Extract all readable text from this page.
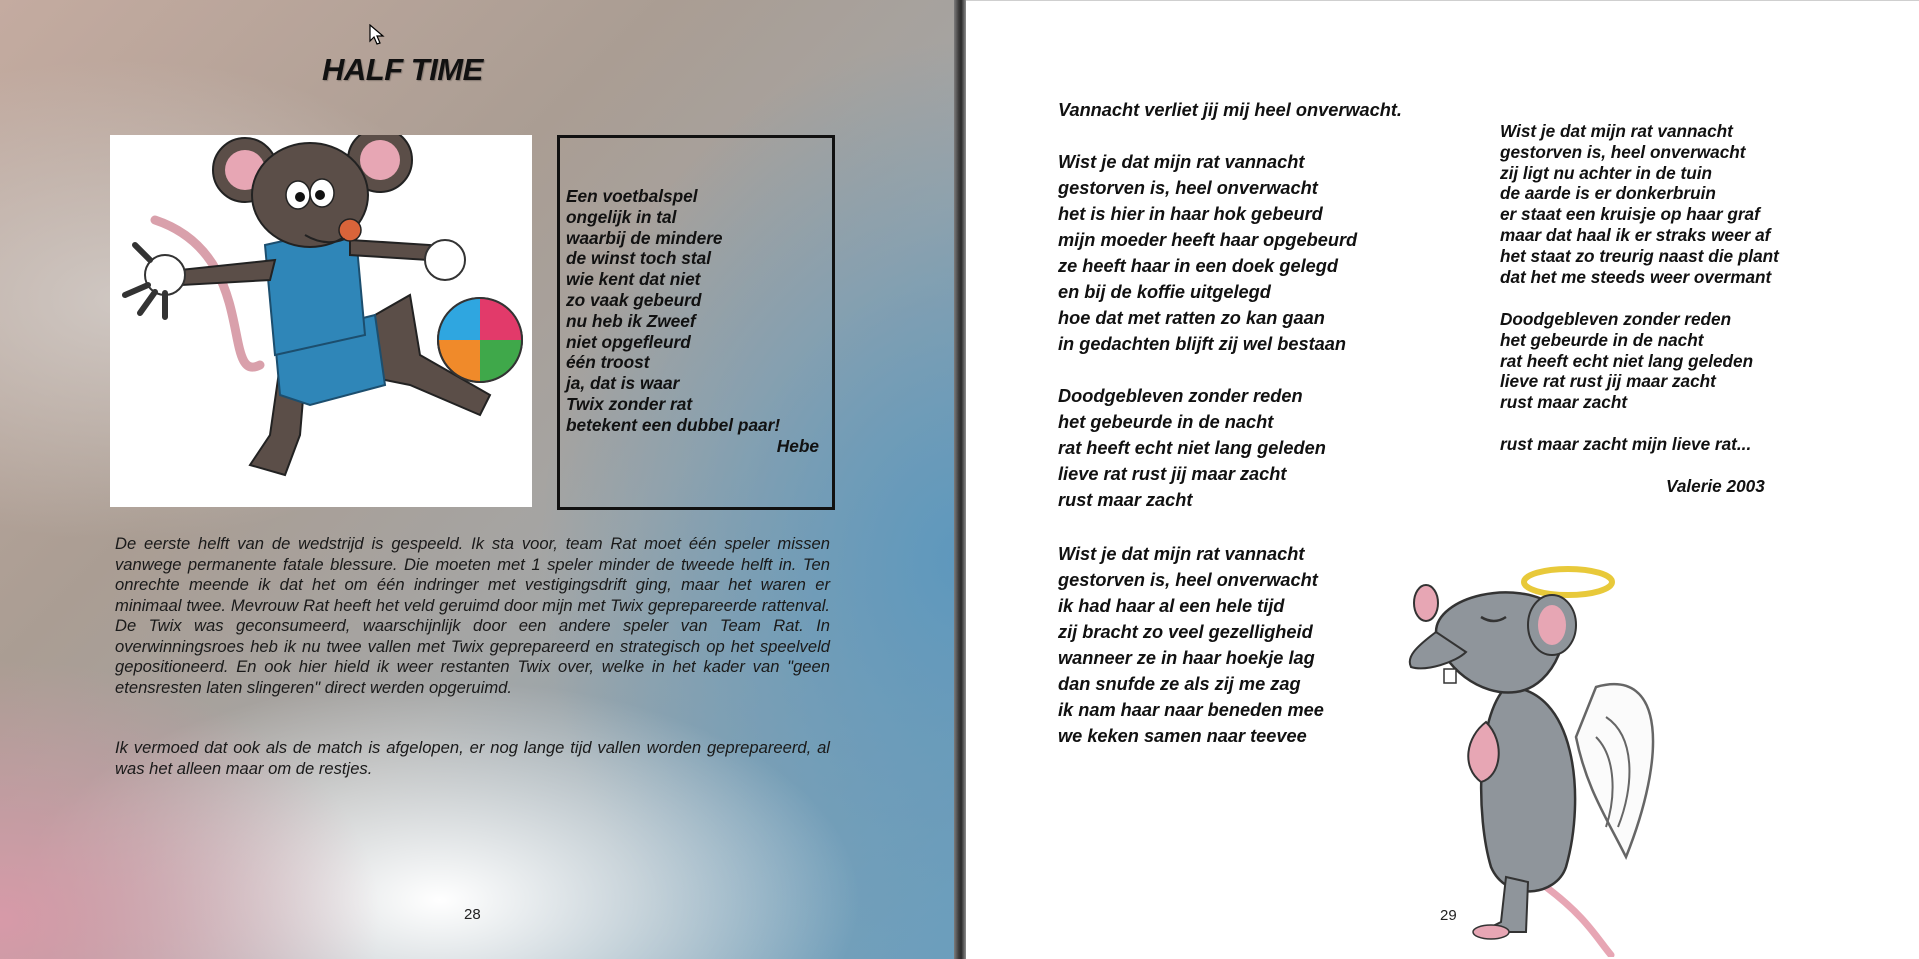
HALF TIME
Een voetbalspel
ongelijk in tal
waarbij de mindere
de winst toch stal
wie kent dat niet
zo vaak gebeurd
nu heb ik Zweef
niet opgefleurd
één troost
ja, dat is waar
Twix zonder rat
betekent een dubbel paar!
Hebe

De eerste helft van de wedstrijd is gespeeld. Ik sta voor, team Rat moet één speler missen vanwege permanente fatale blessure. Die moeten met 1 speler minder de tweede helft in. Ten onrechte meende ik dat het om één indringer met vestigingsdrift ging, maar het waren er minimaal twee. Mevrouw Rat heeft het veld geruimd door mijn met Twix geprepareerde rattenval. De Twix was geconsumeerd, waarschijnlijk door een andere speler van Team Rat. In overwinningsroes heb ik nu twee vallen met Twix geprepareerd en strategisch op het speelveld gepositioneerd. En ook hier hield ik weer restanten Twix over, welke in het kader van "geen etensresten laten slingeren" direct werden opgeruimd.

Ik vermoed dat ook als de match is afgelopen, er nog lange tijd vallen worden geprepareerd, al was het alleen maar om de restjes.

28
Vannacht verliet jij mij heel onverwacht.
Wist je dat mijn rat vannacht
gestorven is, heel onverwacht
het is hier in haar hok gebeurd
mijn moeder heeft haar opgebeurd
ze heeft haar in een doek gelegd
en bij de koffie uitgelegd
hoe dat met ratten zo kan gaan
in gedachten blijft zij wel bestaan
Doodgebleven zonder reden
het gebeurde in de nacht
rat heeft echt niet lang geleden
lieve rat rust jij maar zacht
rust maar zacht
Wist je dat mijn rat vannacht
gestorven is, heel onverwacht
ik had haar al een hele tijd
zij bracht zo veel gezelligheid
wanneer ze in haar hoekje lag
dan snufde ze als zij me zag
ik nam haar naar beneden mee
we keken samen naar teevee
Wist je dat mijn rat vannacht
gestorven is, heel onverwacht
zij ligt nu achter in de tuin
de aarde is er donkerbruin
er staat een kruisje op haar graf
maar dat haal ik er straks weer af
het staat zo treurig naast die plant
dat het me steeds weer overmant
Doodgebleven zonder reden
het gebeurde in de nacht
rat heeft echt niet lang geleden
lieve rat rust jij maar zacht
rust maar zacht
rust maar zacht mijn lieve rat...
Valerie 2003
29
